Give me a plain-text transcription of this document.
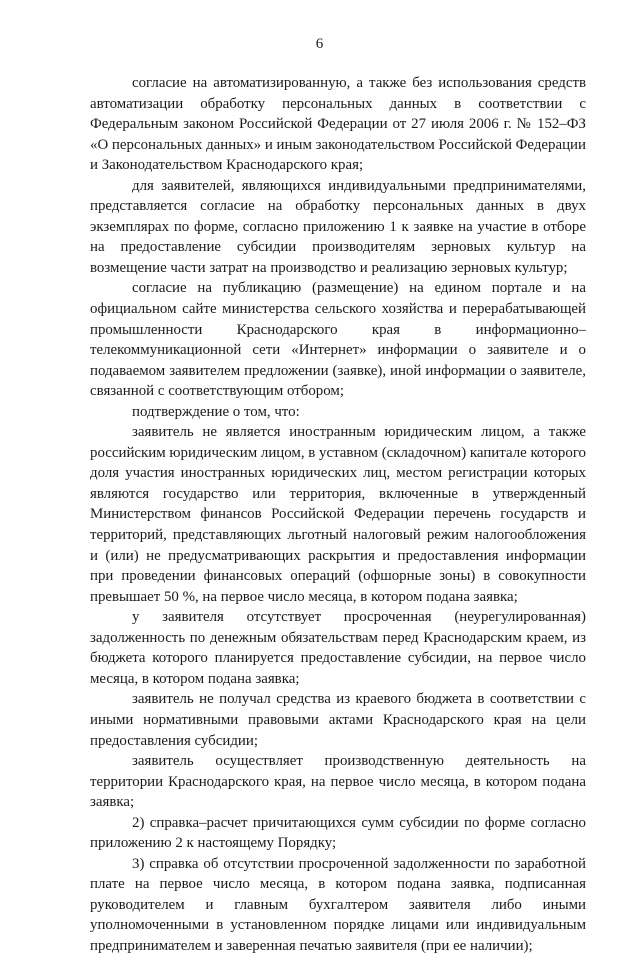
6

согласие на автоматизированную, а также без использования средств автоматизации обработку персональных данных в соответствии с Федеральным законом Российской Федерации от 27 июля 2006 г. № 152–ФЗ «О персональных данных» и иным законодательством Российской Федерации и Законодательством Краснодарского края;

для заявителей, являющихся индивидуальными предпринимателями, представляется согласие на обработку персональных данных в двух экземплярах по форме, согласно приложению 1 к заявке на участие в отборе на предоставление субсидии производителям зерновых культур на возмещение части затрат на производство и реализацию зерновых культур;

согласие на публикацию (размещение) на едином портале и на официальном сайте министерства сельского хозяйства и перерабатывающей промышленности Краснодарского края в информационно–телекоммуникационной сети «Интернет» информации о заявителе и о подаваемом заявителем предложении (заявке), иной информации о заявителе, связанной с соответствующим отбором;

подтверждение о том, что:

заявитель не является иностранным юридическим лицом, а также российским юридическим лицом, в уставном (складочном) капитале которого доля участия иностранных юридических лиц, местом регистрации которых являются государство или территория, включенные в утвержденный Министерством финансов Российской Федерации перечень государств и территорий, представляющих льготный налоговый режим налогообложения и (или) не предусматривающих раскрытия и предоставления информации при проведении финансовых операций (офшорные зоны) в совокупности превышает 50 %, на первое число месяца, в котором подана заявка;

у заявителя отсутствует просроченная (неурегулированная) задолженность по денежным обязательствам перед Краснодарским краем, из бюджета которого планируется предоставление субсидии, на первое число месяца, в котором подана заявка;

заявитель не получал средства из краевого бюджета в соответствии с иными нормативными правовыми актами Краснодарского края на цели предоставления субсидии;

заявитель осуществляет производственную деятельность на территории Краснодарского края, на первое число месяца, в котором подана заявка;

2) справка–расчет причитающихся сумм субсидии по форме согласно приложению 2 к настоящему Порядку;

3) справка об отсутствии просроченной задолженности по заработной плате на первое число месяца, в котором подана заявка, подписанная руководителем и главным бухгалтером заявителя либо иными уполномоченными в установленном порядке лицами или индивидуальным предпринимателем и заверенная печатью заявителя (при ее наличии);
